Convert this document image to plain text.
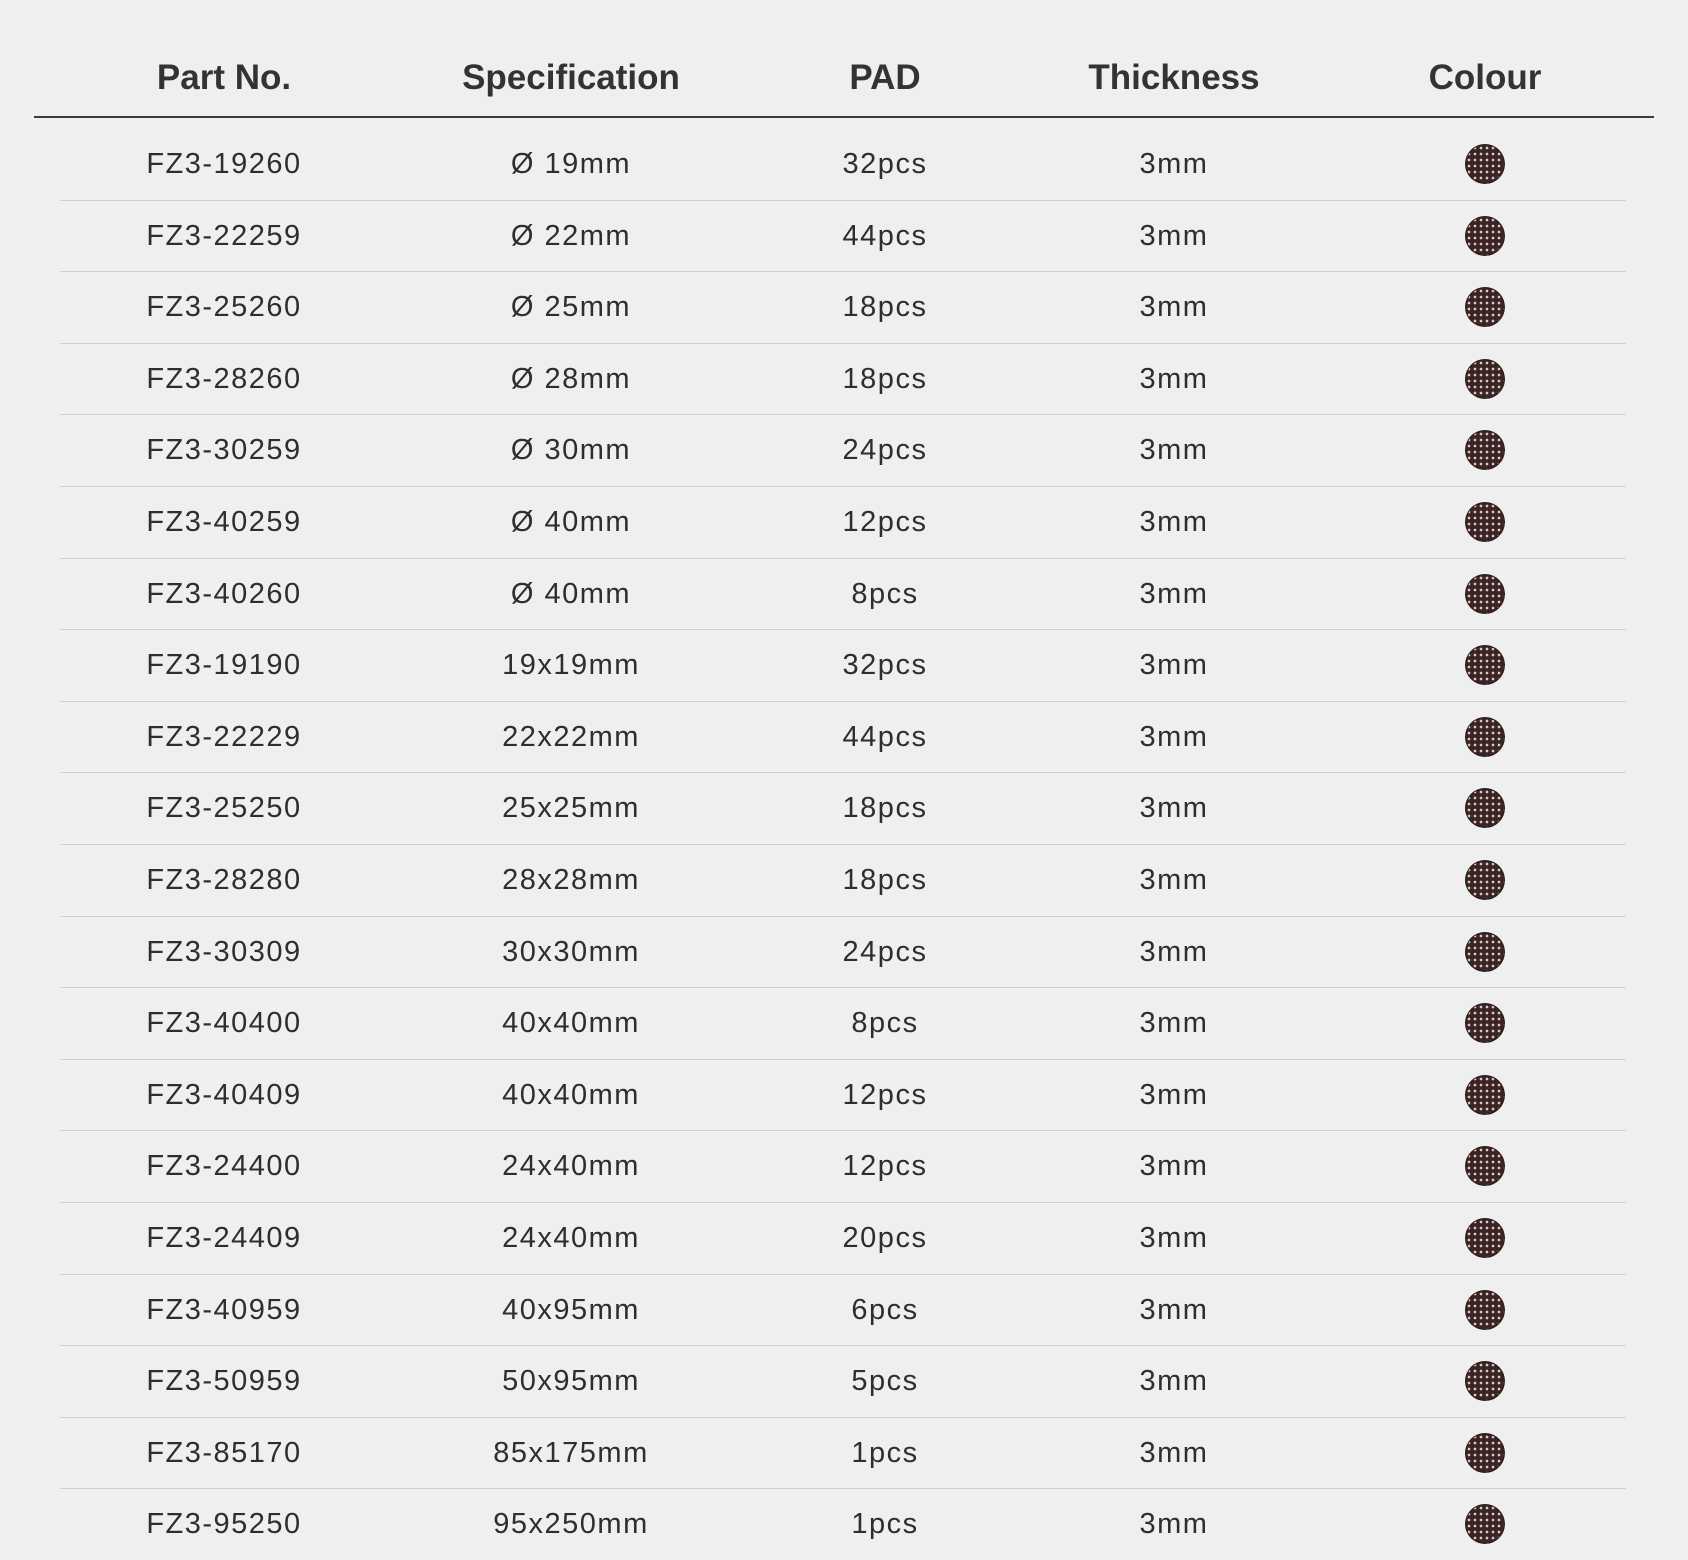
Part No.	Specification	PAD	Thickness	Colour
FZ3-19260	Ø 19mm	32pcs	3mm
FZ3-22259	Ø 22mm	44pcs	3mm
FZ3-25260	Ø 25mm	18pcs	3mm
FZ3-28260	Ø 28mm	18pcs	3mm
FZ3-30259	Ø 30mm	24pcs	3mm
FZ3-40259	Ø 40mm	12pcs	3mm
FZ3-40260	Ø 40mm	8pcs	3mm
FZ3-19190	19x19mm	32pcs	3mm
FZ3-22229	22x22mm	44pcs	3mm
FZ3-25250	25x25mm	18pcs	3mm
FZ3-28280	28x28mm	18pcs	3mm
FZ3-30309	30x30mm	24pcs	3mm
FZ3-40400	40x40mm	8pcs	3mm
FZ3-40409	40x40mm	12pcs	3mm
FZ3-24400	24x40mm	12pcs	3mm
FZ3-24409	24x40mm	20pcs	3mm
FZ3-40959	40x95mm	6pcs	3mm
FZ3-50959	50x95mm	5pcs	3mm
FZ3-85170	85x175mm	1pcs	3mm
FZ3-95250	95x250mm	1pcs	3mm
